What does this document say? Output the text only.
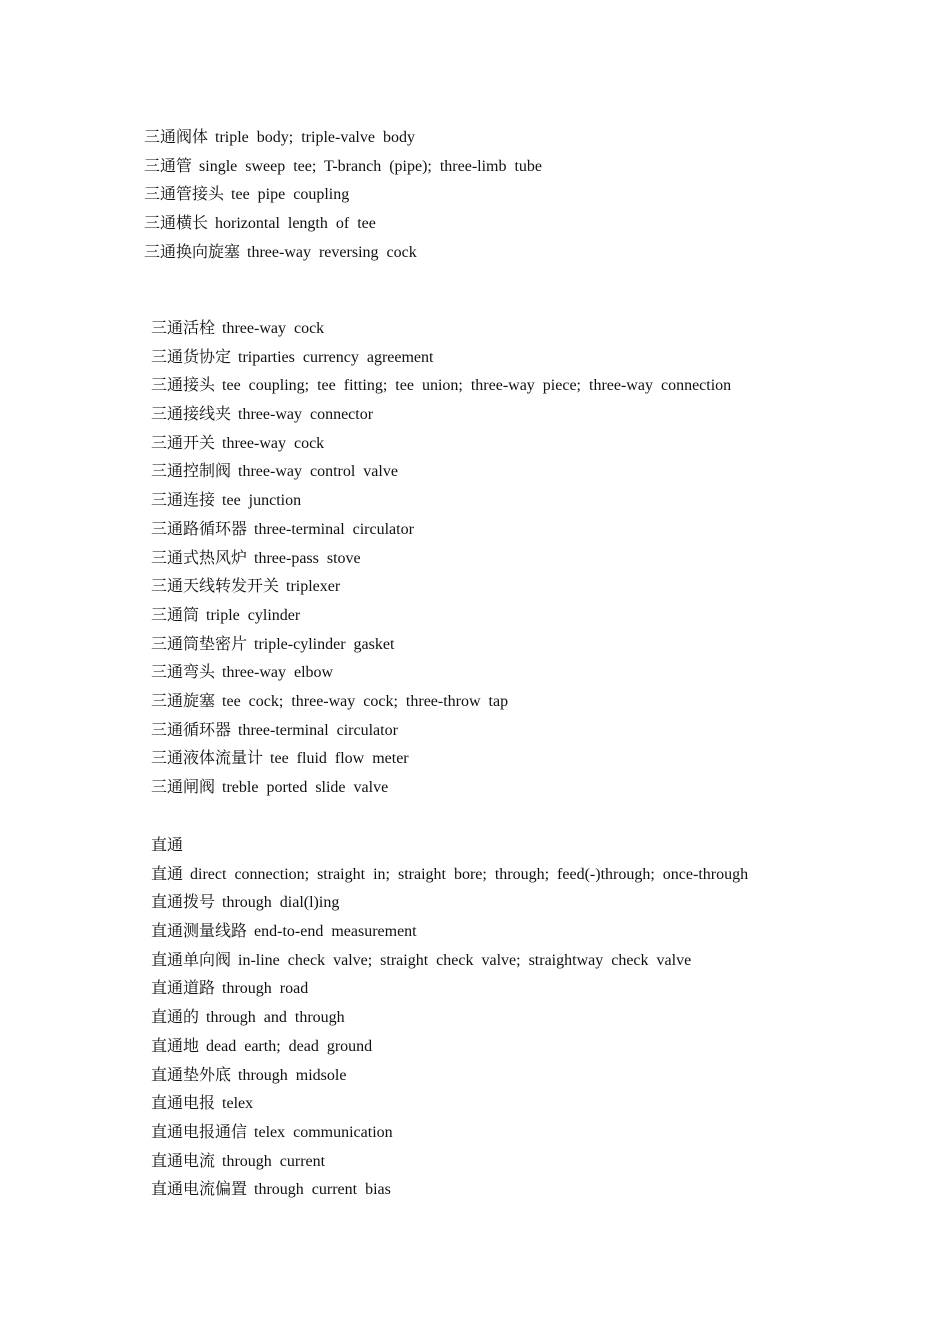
三通阀体 triple body; triple-valve body
三通管 single sweep tee; T-branch (pipe); three-limb tube
三通管接头 tee pipe coupling
三通横长 horizontal length of tee
三通换向旋塞 three-way reversing cock
三通活栓 three-way cock
三通货协定 triparties currency agreement
三通接头 tee coupling; tee fitting; tee union; three-way piece; three-way connection
三通接线夹 three-way connector
三通开关 three-way cock
三通控制阀 three-way control valve
三通连接 tee junction
三通路循环器 three-terminal circulator
三通式热风炉 three-pass stove
三通天线转发开关 triplexer
三通筒 triple cylinder
三通筒垫密片 triple-cylinder gasket
三通弯头 three-way elbow
三通旋塞 tee cock; three-way cock; three-throw tap
三通循环器 three-terminal circulator
三通液体流量计 tee fluid flow meter
三通闸阀 treble ported slide valve
直通
直通 direct connection; straight in; straight bore; through; feed(-)through; once-through
直通拨号 through dial(l)ing
直通测量线路 end-to-end measurement
直通单向阀 in-line check valve; straight check valve; straightway check valve
直通道路 through road
直通的 through and through
直通地 dead earth; dead ground
直通垫外底 through midsole
直通电报 telex
直通电报通信 telex communication
直通电流 through current
直通电流偏置 through current bias
